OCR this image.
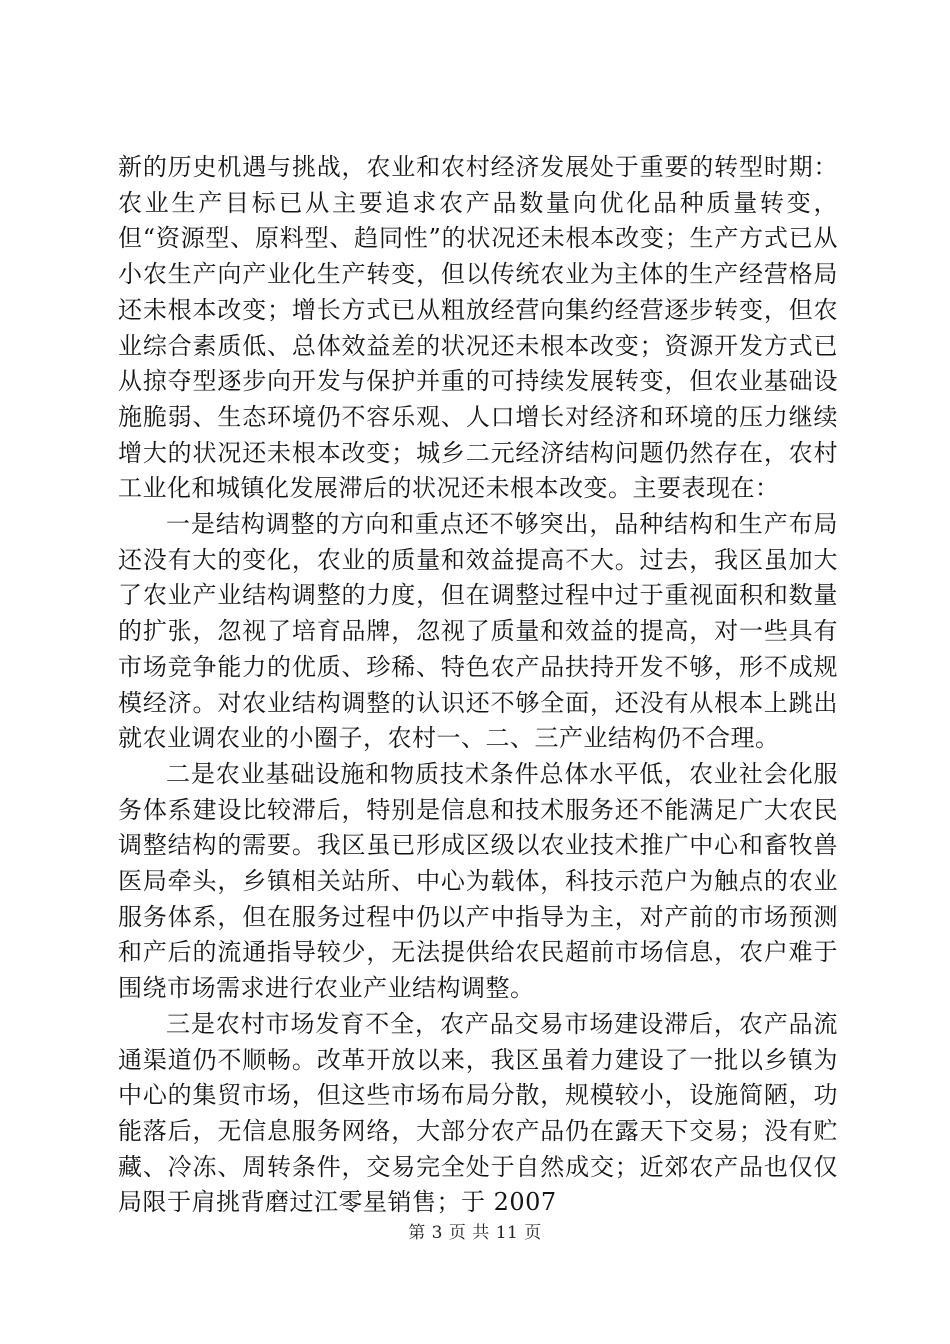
新的历史机遇与挑战，农业和农村经济发展处于重要的转型时期：农业生产目标已从主要追求农产品数量向优化品种质量转变，但“资源型、原料型、趋同性”的状况还未根本改变；生产方式已从小农生产向产业化生产转变，但以传统农业为主体的生产经营格局还未根本改变；增长方式已从粗放经营向集约经营逐步转变，但农业综合素质低、总体效益差的状况还未根本改变；资源开发方式已从掠夺型逐步向开发与保护并重的可持续发展转变，但农业基础设施脆弱、生态环境仍不容乐观、人口增长对经济和环境的压力继续增大的状况还未根本改变；城乡二元经济结构问题仍然存在，农村工业化和城镇化发展滞后的状况还未根本改变。主要表现在：

一是结构调整的方向和重点还不够突出，品种结构和生产布局还没有大的变化，农业的质量和效益提高不大。过去，我区虽加大了农业产业结构调整的力度，但在调整过程中过于重视面积和数量的扩张，忽视了培育品牌，忽视了质量和效益的提高，对一些具有市场竞争能力的优质、珍稀、特色农产品扶持开发不够，形不成规模经济。对农业结构调整的认识还不够全面，还没有从根本上跳出就农业调农业的小圈子，农村一、二、三产业结构仍不合理。

二是农业基础设施和物质技术条件总体水平低，农业社会化服务体系建设比较滞后，特别是信息和技术服务还不能满足广大农民调整结构的需要。我区虽已形成区级以农业技术推广中心和畜牧兽医局牵头，乡镇相关站所、中心为载体，科技示范户为触点的农业服务体系，但在服务过程中仍以产中指导为主，对产前的市场预测和产后的流通指导较少，无法提供给农民超前市场信息，农户难于围绕市场需求进行农业产业结构调整。

三是农村市场发育不全，农产品交易市场建设滞后，农产品流通渠道仍不顺畅。改革开放以来，我区虽着力建设了一批以乡镇为中心的集贸市场，但这些市场布局分散，规模较小，设施简陋，功能落后，无信息服务网络，大部分农产品仍在露天下交易；没有贮藏、冷冻、周转条件，交易完全处于自然成交；近郊农产品也仅仅局限于肩挑背磨过江零星销售；于 2007

第 3 页 共 11 页
